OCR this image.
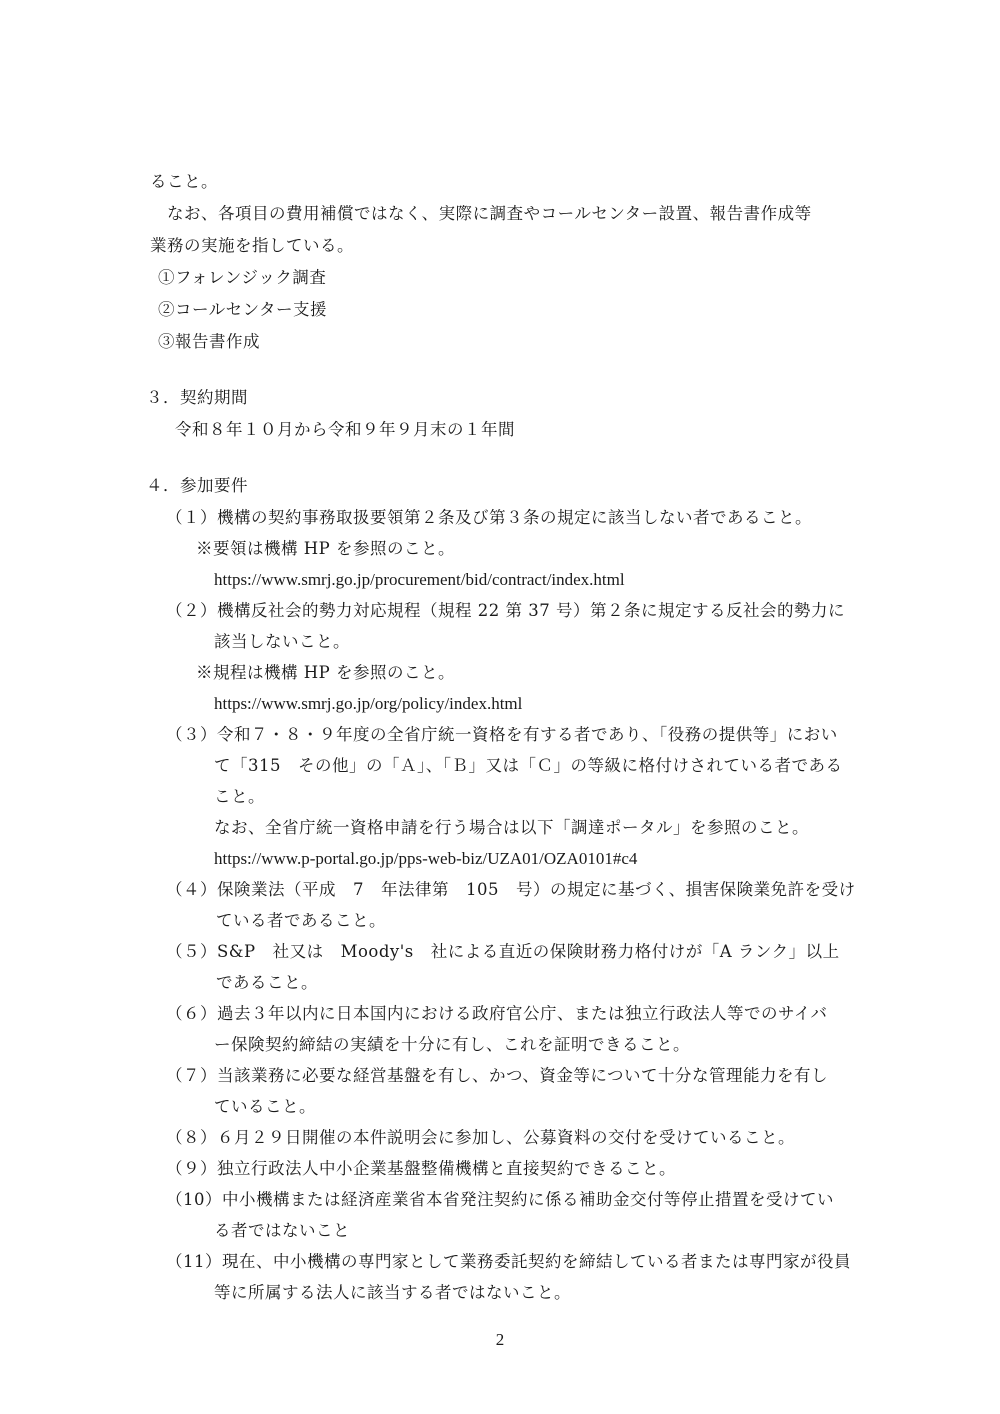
ること。
なお、各項目の費用補償ではなく、実際に調査やコールセンター設置、報告書作成等
業務の実施を指している。
①フォレンジック調査
②コールセンター支援
③報告書作成
３．契約期間
令和８年１０月から令和９年９月末の１年間
４．参加要件
（１）機構の契約事務取扱要領第２条及び第３条の規定に該当しない者であること。
※要領は機構 HP を参照のこと。
https://www.smrj.go.jp/procurement/bid/contract/index.html
（２）機構反社会的勢力対応規程（規程 22 第 37 号）第２条に規定する反社会的勢力に
該当しないこと。
※規程は機構 HP を参照のこと。
https://www.smrj.go.jp/org/policy/index.html
（３）令和７・８・９年度の全省庁統一資格を有する者であり、「役務の提供等」におい
て「315　その他」の「Ａ」、「Ｂ」又は「Ｃ」の等級に格付けされている者である
こと。
なお、全省庁統一資格申請を行う場合は以下「調達ポータル」を参照のこと。
https://www.p-portal.go.jp/pps-web-biz/UZA01/OZA0101#c4
（４）保険業法（平成　7　年法律第　105　号）の規定に基づく、損害保険業免許を受け
ている者であること。
（５）S&P　社又は　Moody's　社による直近の保険財務力格付けが「A ランク」以上
であること。
（６）過去３年以内に日本国内における政府官公庁、または独立行政法人等でのサイバ
ー保険契約締結の実績を十分に有し、これを証明できること。
（７）当該業務に必要な経営基盤を有し、かつ、資金等について十分な管理能力を有し
ていること。
（８）６月２９日開催の本件説明会に参加し、公募資料の交付を受けていること。
（９）独立行政法人中小企業基盤整備機構と直接契約できること。
（10）中小機構または経済産業省本省発注契約に係る補助金交付等停止措置を受けてい
る者ではないこと
（11）現在、中小機構の専門家として業務委託契約を締結している者または専門家が役員
等に所属する法人に該当する者ではないこと。
2
